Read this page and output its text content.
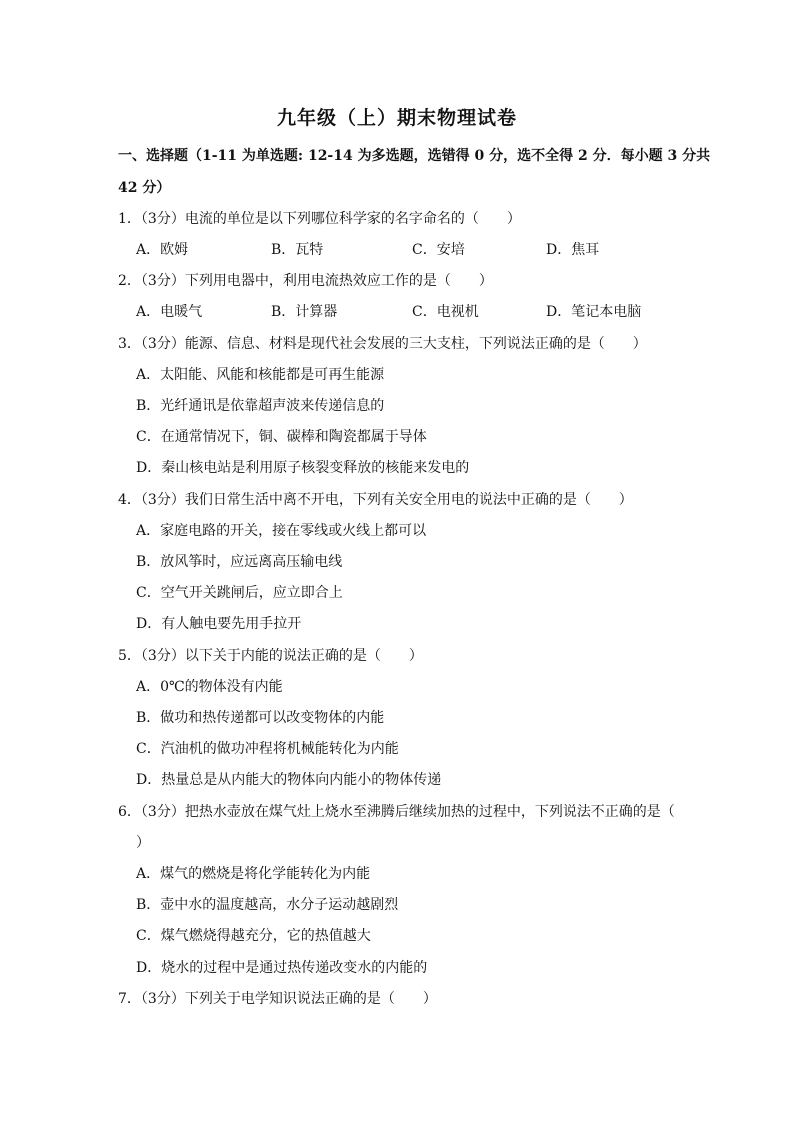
九年级（上）期末物理试卷
一、选择题（1-11 为单选题: 12-14 为多选题，选错得 0 分，选不全得 2 分．每小题 3 分共
42 分）
1．（3分）电流的单位是以下列哪位科学家的名字命名的（　　）
A．欧姆	B．瓦特	C．安培	D．焦耳
2．（3分）下列用电器中，利用电流热效应工作的是（　　）
A．电暖气	B．计算器	C．电视机	D．笔记本电脑
3．（3分）能源、信息、材料是现代社会发展的三大支柱，下列说法正确的是（　　）
A．太阳能、风能和核能都是可再生能源
B．光纤通讯是依靠超声波来传递信息的
C．在通常情况下，铜、碳棒和陶瓷都属于导体
D．秦山核电站是利用原子核裂变释放的核能来发电的
4．（3分）我们日常生活中离不开电，下列有关安全用电的说法中正确的是（　　）
A．家庭电路的开关，接在零线或火线上都可以
B．放风筝时，应远离高压输电线
C．空气开关跳闸后，应立即合上
D．有人触电要先用手拉开
5．（3分）以下关于内能的说法正确的是（　　）
A．0℃的物体没有内能
B．做功和热传递都可以改变物体的内能
C．汽油机的做功冲程将机械能转化为内能
D．热量总是从内能大的物体向内能小的物体传递
6．（3分）把热水壶放在煤气灶上烧水至沸腾后继续加热的过程中，下列说法不正确的是（
）
A．煤气的燃烧是将化学能转化为内能
B．壶中水的温度越高，水分子运动越剧烈
C．煤气燃烧得越充分，它的热值越大
D．烧水的过程中是通过热传递改变水的内能的
7．（3分）下列关于电学知识说法正确的是（　　）
